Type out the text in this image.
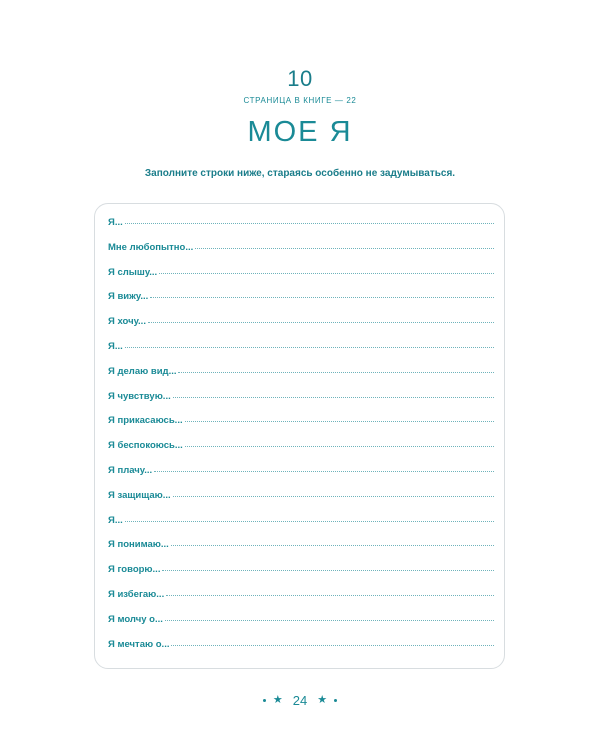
10
СТРАНИЦА В КНИГЕ — 22
МОЕ Я
Заполните строки ниже, стараясь особенно не задумываться.
Я...
Мне любопытно...
Я слышу...
Я вижу...
Я хочу...
Я...
Я делаю вид...
Я чувствую...
Я прикасаюсь...
Я беспокоюсь...
Я плачу...
Я защищаю...
Я...
Я понимаю...
Я говорю...
Я избегаю...
Я молчу о...
Я мечтаю о...
★ 24 ★
